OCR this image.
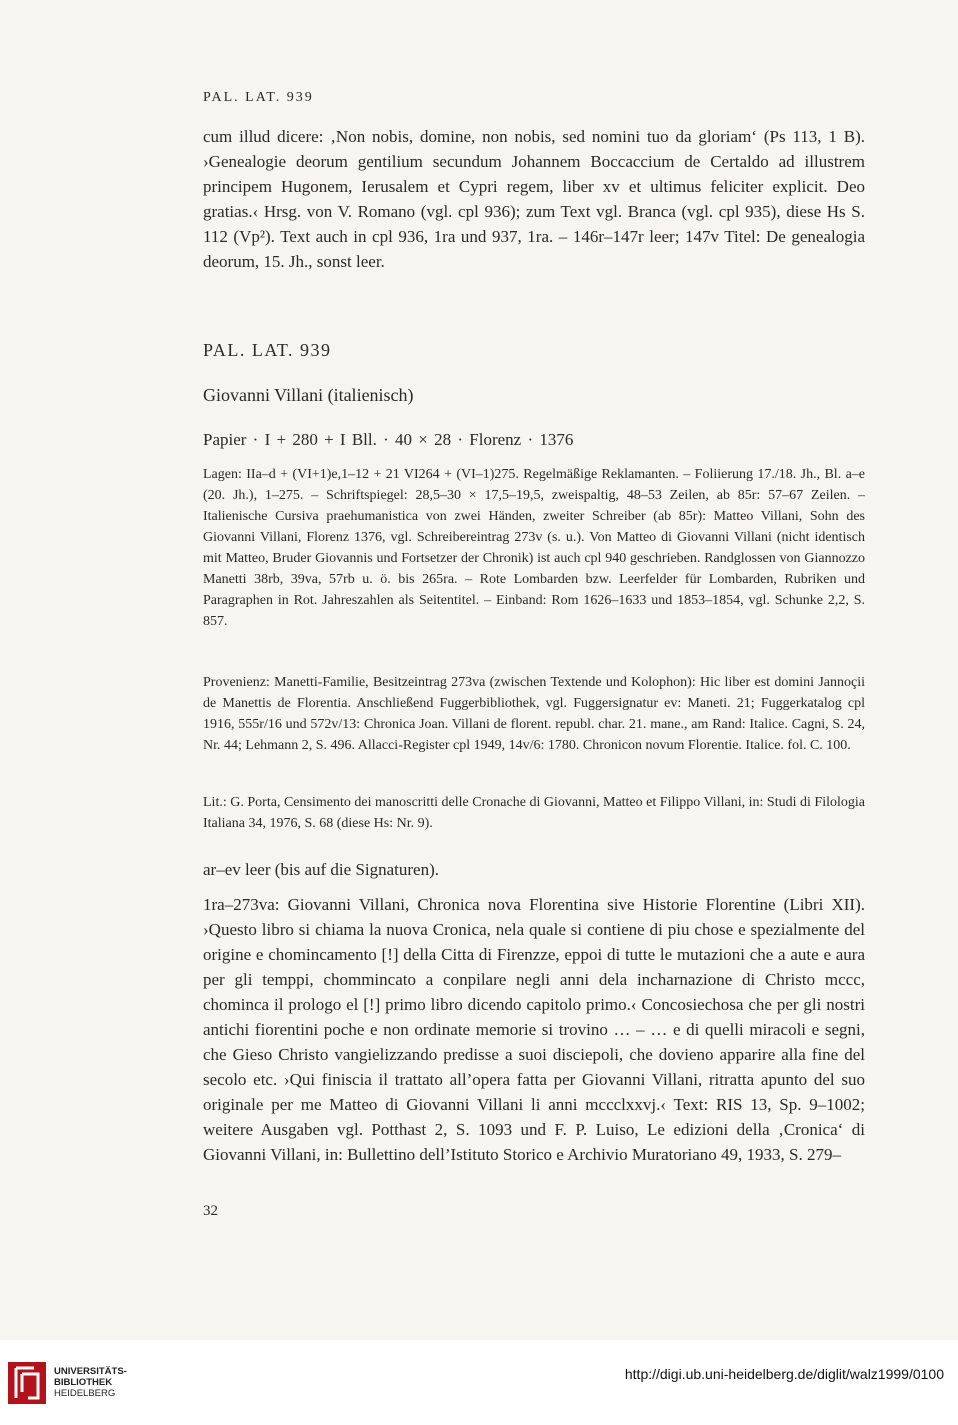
PAL. LAT. 939

cum illud dicere: ‚Non nobis, domine, non nobis, sed nomini tuo da gloriam‘ (Ps 113, 1 B). ›Genealogie deorum gentilium secundum Johannem Boccaccium de Certaldo ad illustrem principem Hugonem, Ierusalem et Cypri regem, liber xv et ultimus feliciter explicit. Deo gratias.‹ Hrsg. von V. Romano (vgl. cpl 936); zum Text vgl. Branca (vgl. cpl 935), diese Hs S. 112 (Vp²). Text auch in cpl 936, 1ra und 937, 1ra. – 146r–147r leer; 147v Titel: De genealogia deorum, 15. Jh., sonst leer.

PAL. LAT. 939
Giovanni Villani (italienisch)
Papier · I + 280 + I Bll. · 40 × 28 · Florenz · 1376

Lagen: IIa–d + (VI+1)e,1–12 + 21 VI264 + (VI–1)275. Regelmäßige Reklamanten. – Foliierung 17./18. Jh., Bl. a–e (20. Jh.), 1–275. – Schriftspiegel: 28,5–30 × 17,5–19,5, zweispaltig, 48–53 Zeilen, ab 85r: 57–67 Zeilen. – Italienische Cursiva praehumanistica von zwei Händen, zweiter Schreiber (ab 85r): Matteo Villani, Sohn des Giovanni Villani, Florenz 1376, vgl. Schreibereintrag 273v (s. u.). Von Matteo di Giovanni Villani (nicht identisch mit Matteo, Bruder Giovannis und Fortsetzer der Chronik) ist auch cpl 940 geschrieben. Randglossen von Giannozzo Manetti 38rb, 39va, 57rb u. ö. bis 265ra. – Rote Lombarden bzw. Leerfelder für Lombarden, Rubriken und Paragraphen in Rot. Jahreszahlen als Seitentitel. – Einband: Rom 1626–1633 und 1853–1854, vgl. Schunke 2,2, S. 857.

Provenienz: Manetti-Familie, Besitzeintrag 273va (zwischen Textende und Kolophon): Hic liber est domini Jannoçii de Manettis de Florentia. Anschließend Fuggerbibliothek, vgl. Fuggersignatur ev: Maneti. 21; Fuggerkatalog cpl 1916, 555r/16 und 572v/13: Chronica Joan. Villani de florent. republ. char. 21. mane., am Rand: Italice. Cagni, S. 24, Nr. 44; Lehmann 2, S. 496. Allacci-Register cpl 1949, 14v/6: 1780. Chronicon novum Florentie. Italice. fol. C. 100.

Lit.: G. Porta, Censimento dei manoscritti delle Cronache di Giovanni, Matteo et Filippo Villani, in: Studi di Filologia Italiana 34, 1976, S. 68 (diese Hs: Nr. 9).

ar–ev leer (bis auf die Signaturen).

1ra–273va: Giovanni Villani, Chronica nova Florentina sive Historie Florentine (Libri XII). ›Questo libro si chiama la nuova Cronica, nela quale si contiene di piu chose e spezialmente del origine e chomincamento [!] della Citta di Firenzze, eppoi di tutte le mutazioni che a aute e aura per gli temppi, chommincato a conpilare negli anni dela incharnazione di Christo mccc, chominca il prologo el [!] primo libro dicendo capitolo primo.‹ Concosiechosa che per gli nostri antichi fiorentini poche e non ordinate memorie si trovino … – … e di quelli miracoli e segni, che Gieso Christo vangielizzando predisse a suoi disciepoli, che dovieno apparire alla fine del secolo etc. ›Qui finiscia il trattato all’opera fatta per Giovanni Villani, ritratta apunto del suo originale per me Matteo di Giovanni Villani li anni mccclxxvj.‹ Text: RIS 13, Sp. 9–1002; weitere Ausgaben vgl. Potthast 2, S. 1093 und F. P. Luiso, Le edizioni della ‚Cronica‘ di Giovanni Villani, in: Bullettino dell’Istituto Storico e Archivio Muratoriano 49, 1933, S. 279–

32
UNIVERSITÄTS-
BIBLIOTHEK
HEIDELBERG
http://digi.ub.uni-heidelberg.de/diglit/walz1999/0100
